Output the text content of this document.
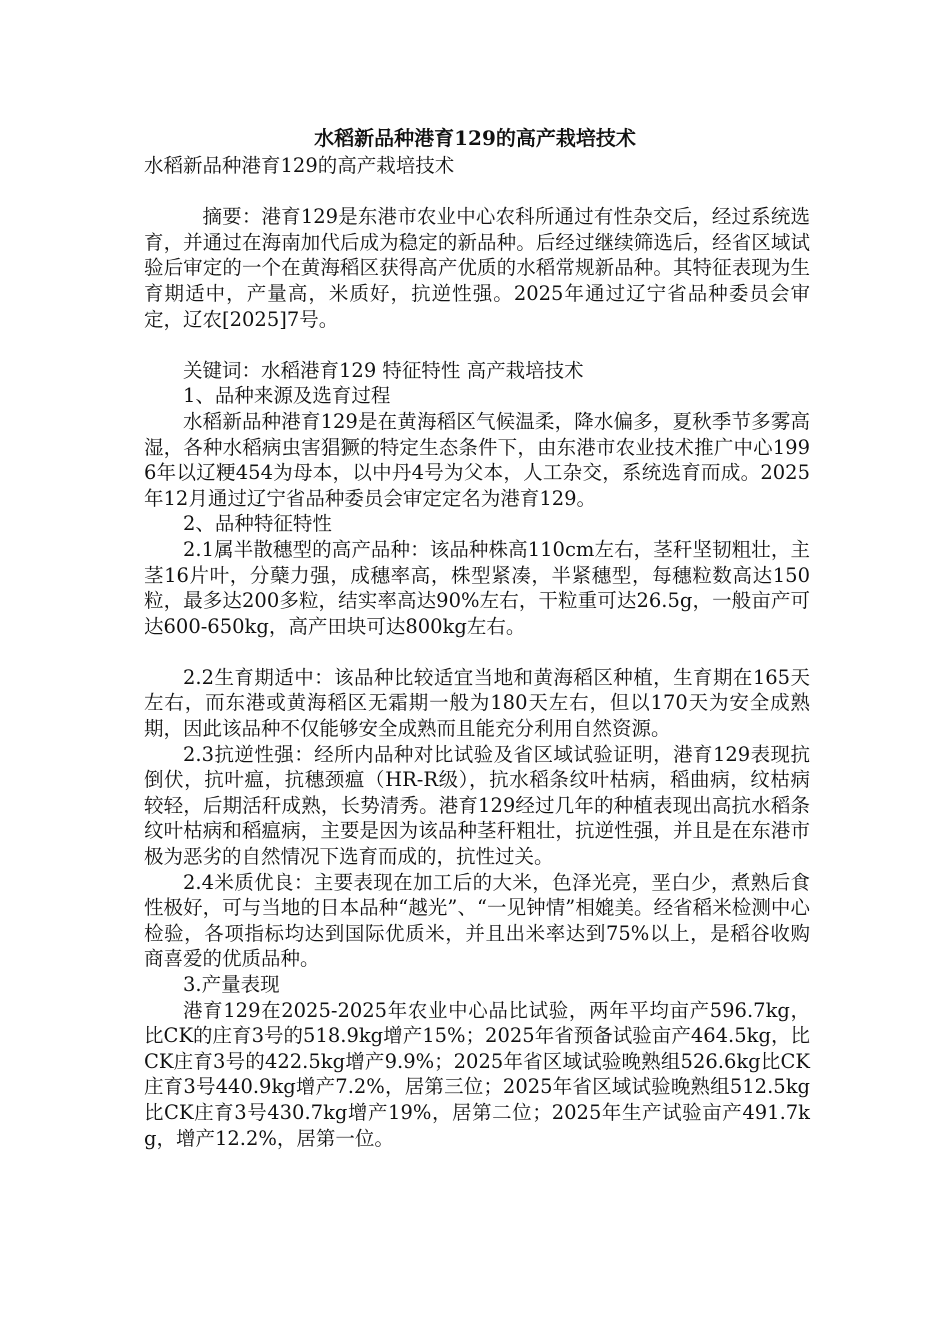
水稻新品种港育129的高产栽培技术

水稻新品种港育129的高产栽培技术

摘要：港育129是东港市农业中心农科所通过有性杂交后，经过系统选育，并通过在海南加代后成为稳定的新品种。后经过继续筛选后，经省区域试验后审定的一个在黄海稻区获得高产优质的水稻常规新品种。其特征表现为生育期适中，产量高，米质好，抗逆性强。2025年通过辽宁省品种委员会审定，辽农[2025]7号。

关键词：水稻港育129 特征特性 高产栽培技术

1、品种来源及选育过程

水稻新品种港育129是在黄海稻区气候温柔，降水偏多，夏秋季节多雾高湿，各种水稻病虫害猖獗的特定生态条件下，由东港市农业技术推广中心1996年以辽粳454为母本，以中丹4号为父本，人工杂交，系统选育而成。2025年12月通过辽宁省品种委员会审定定名为港育129。

2、品种特征特性

2.1属半散穗型的高产品种：该品种株高110cm左右，茎秆坚韧粗壮，主茎16片叶，分蘖力强，成穗率高，株型紧凑，半紧穗型，每穗粒数高达150粒，最多达200多粒，结实率高达90%左右，干粒重可达26.5g，一般亩产可达600-650kg，高产田块可达800kg左右。

2.2生育期适中：该品种比较适宜当地和黄海稻区种植，生育期在165天左右，而东港或黄海稻区无霜期一般为180天左右，但以170天为安全成熟期，因此该品种不仅能够安全成熟而且能充分利用自然资源。

2.3抗逆性强：经所内品种对比试验及省区域试验证明，港育129表现抗倒伏，抗叶瘟，抗穗颈瘟（HR-R级），抗水稻条纹叶枯病，稻曲病，纹枯病较轻，后期活秆成熟，长势清秀。港育129经过几年的种植表现出高抗水稻条纹叶枯病和稻瘟病，主要是因为该品种茎秆粗壮，抗逆性强，并且是在东港市极为恶劣的自然情况下选育而成的，抗性过关。

2.4米质优良：主要表现在加工后的大米，色泽光亮，垩白少，煮熟后食性极好，可与当地的日本品种“越光”、“一见钟情”相媲美。经省稻米检测中心检验，各项指标均达到国际优质米，并且出米率达到75%以上，是稻谷收购商喜爱的优质品种。

3.产量表现

港育129在2025-2025年农业中心品比试验，两年平均亩产596.7kg，比CK的庄育3号的518.9kg增产15%；2025年省预备试验亩产464.5kg，比CK庄育3号的422.5kg增产9.9%；2025年省区域试验晚熟组526.6kg比CK庄育3号440.9kg增产7.2%，居第三位；2025年省区域试验晚熟组512.5kg比CK庄育3号430.7kg增产19%，居第二位；2025年生产试验亩产491.7kg，增产12.2%，居第一位。
